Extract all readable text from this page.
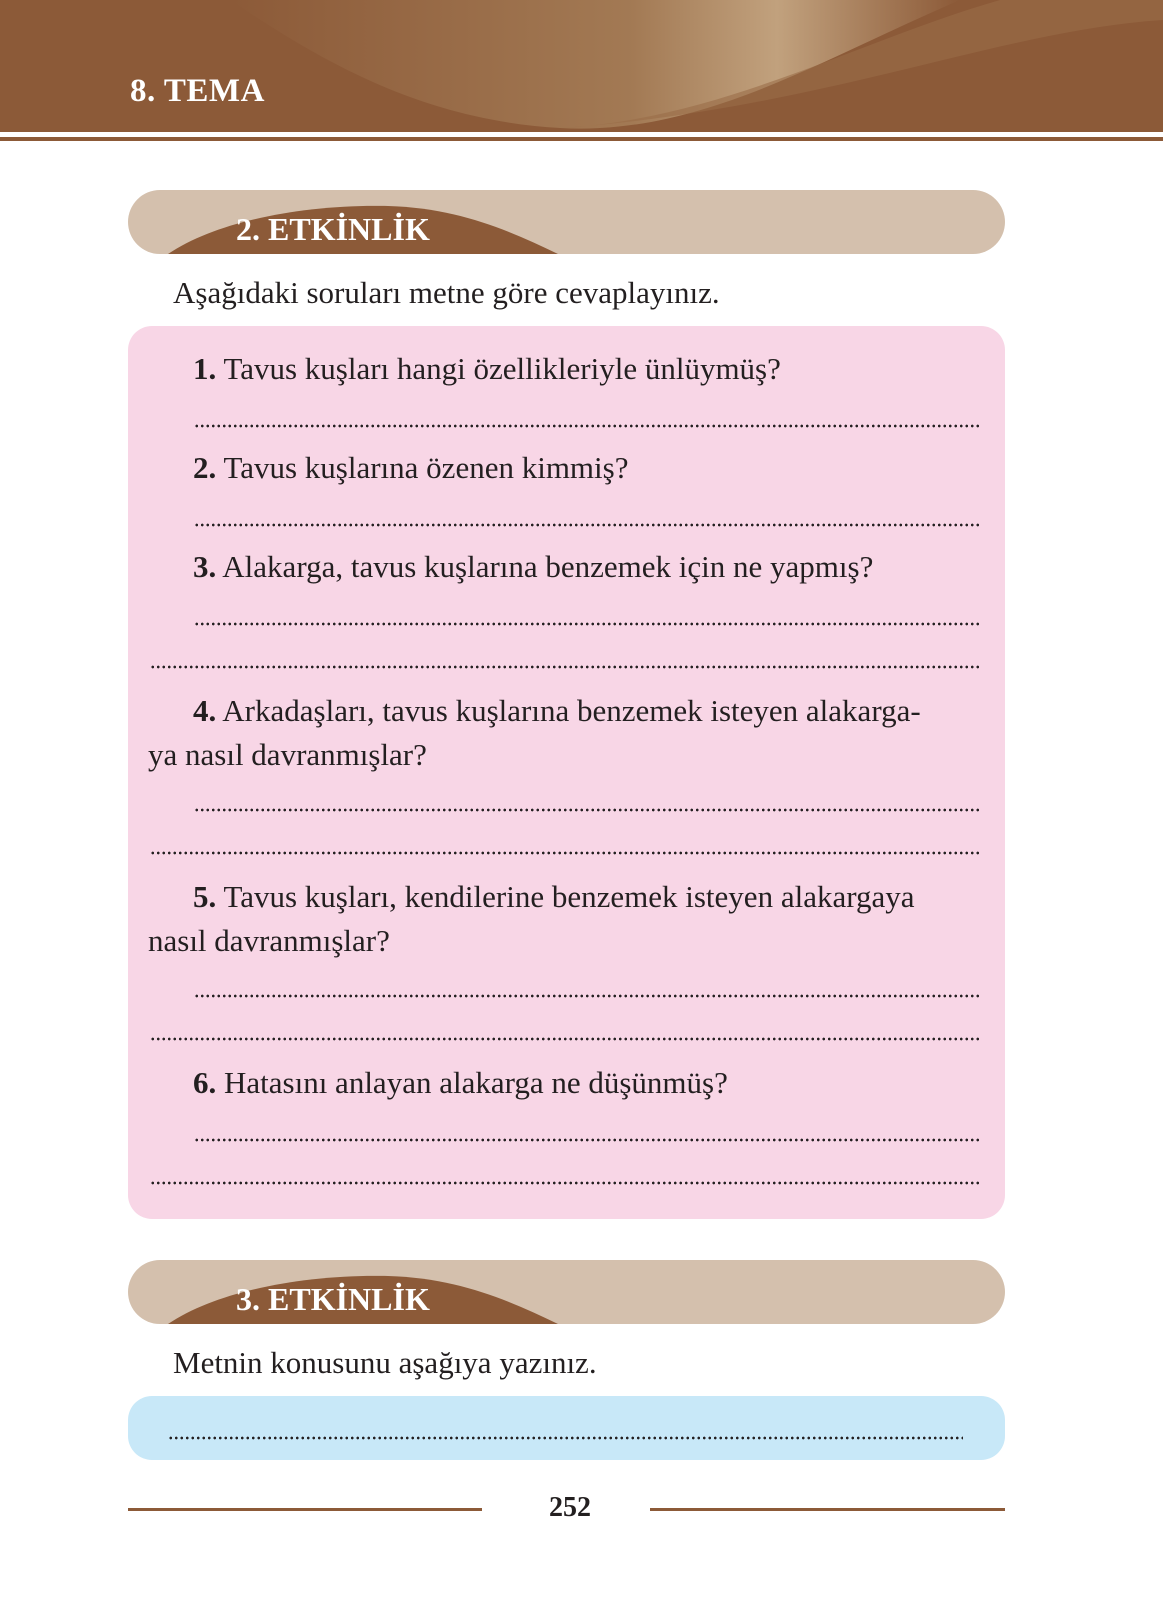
8. TEMA
2. ETKİNLİK
Aşağıdaki soruları metne göre cevaplayınız.
1. Tavus kuşları hangi özellikleriyle ünlüymüş?
2. Tavus kuşlarına özenen kimmiş?
3. Alakarga, tavus kuşlarına benzemek için ne yapmış?
4. Arkadaşları, tavus kuşlarına benzemek isteyen alakarga-
ya nasıl davranmışlar?
5. Tavus kuşları, kendilerine benzemek isteyen alakargaya
nasıl davranmışlar?
6. Hatasını anlayan alakarga ne düşünmüş?
3. ETKİNLİK
Metnin konusunu aşağıya yazınız.
252
